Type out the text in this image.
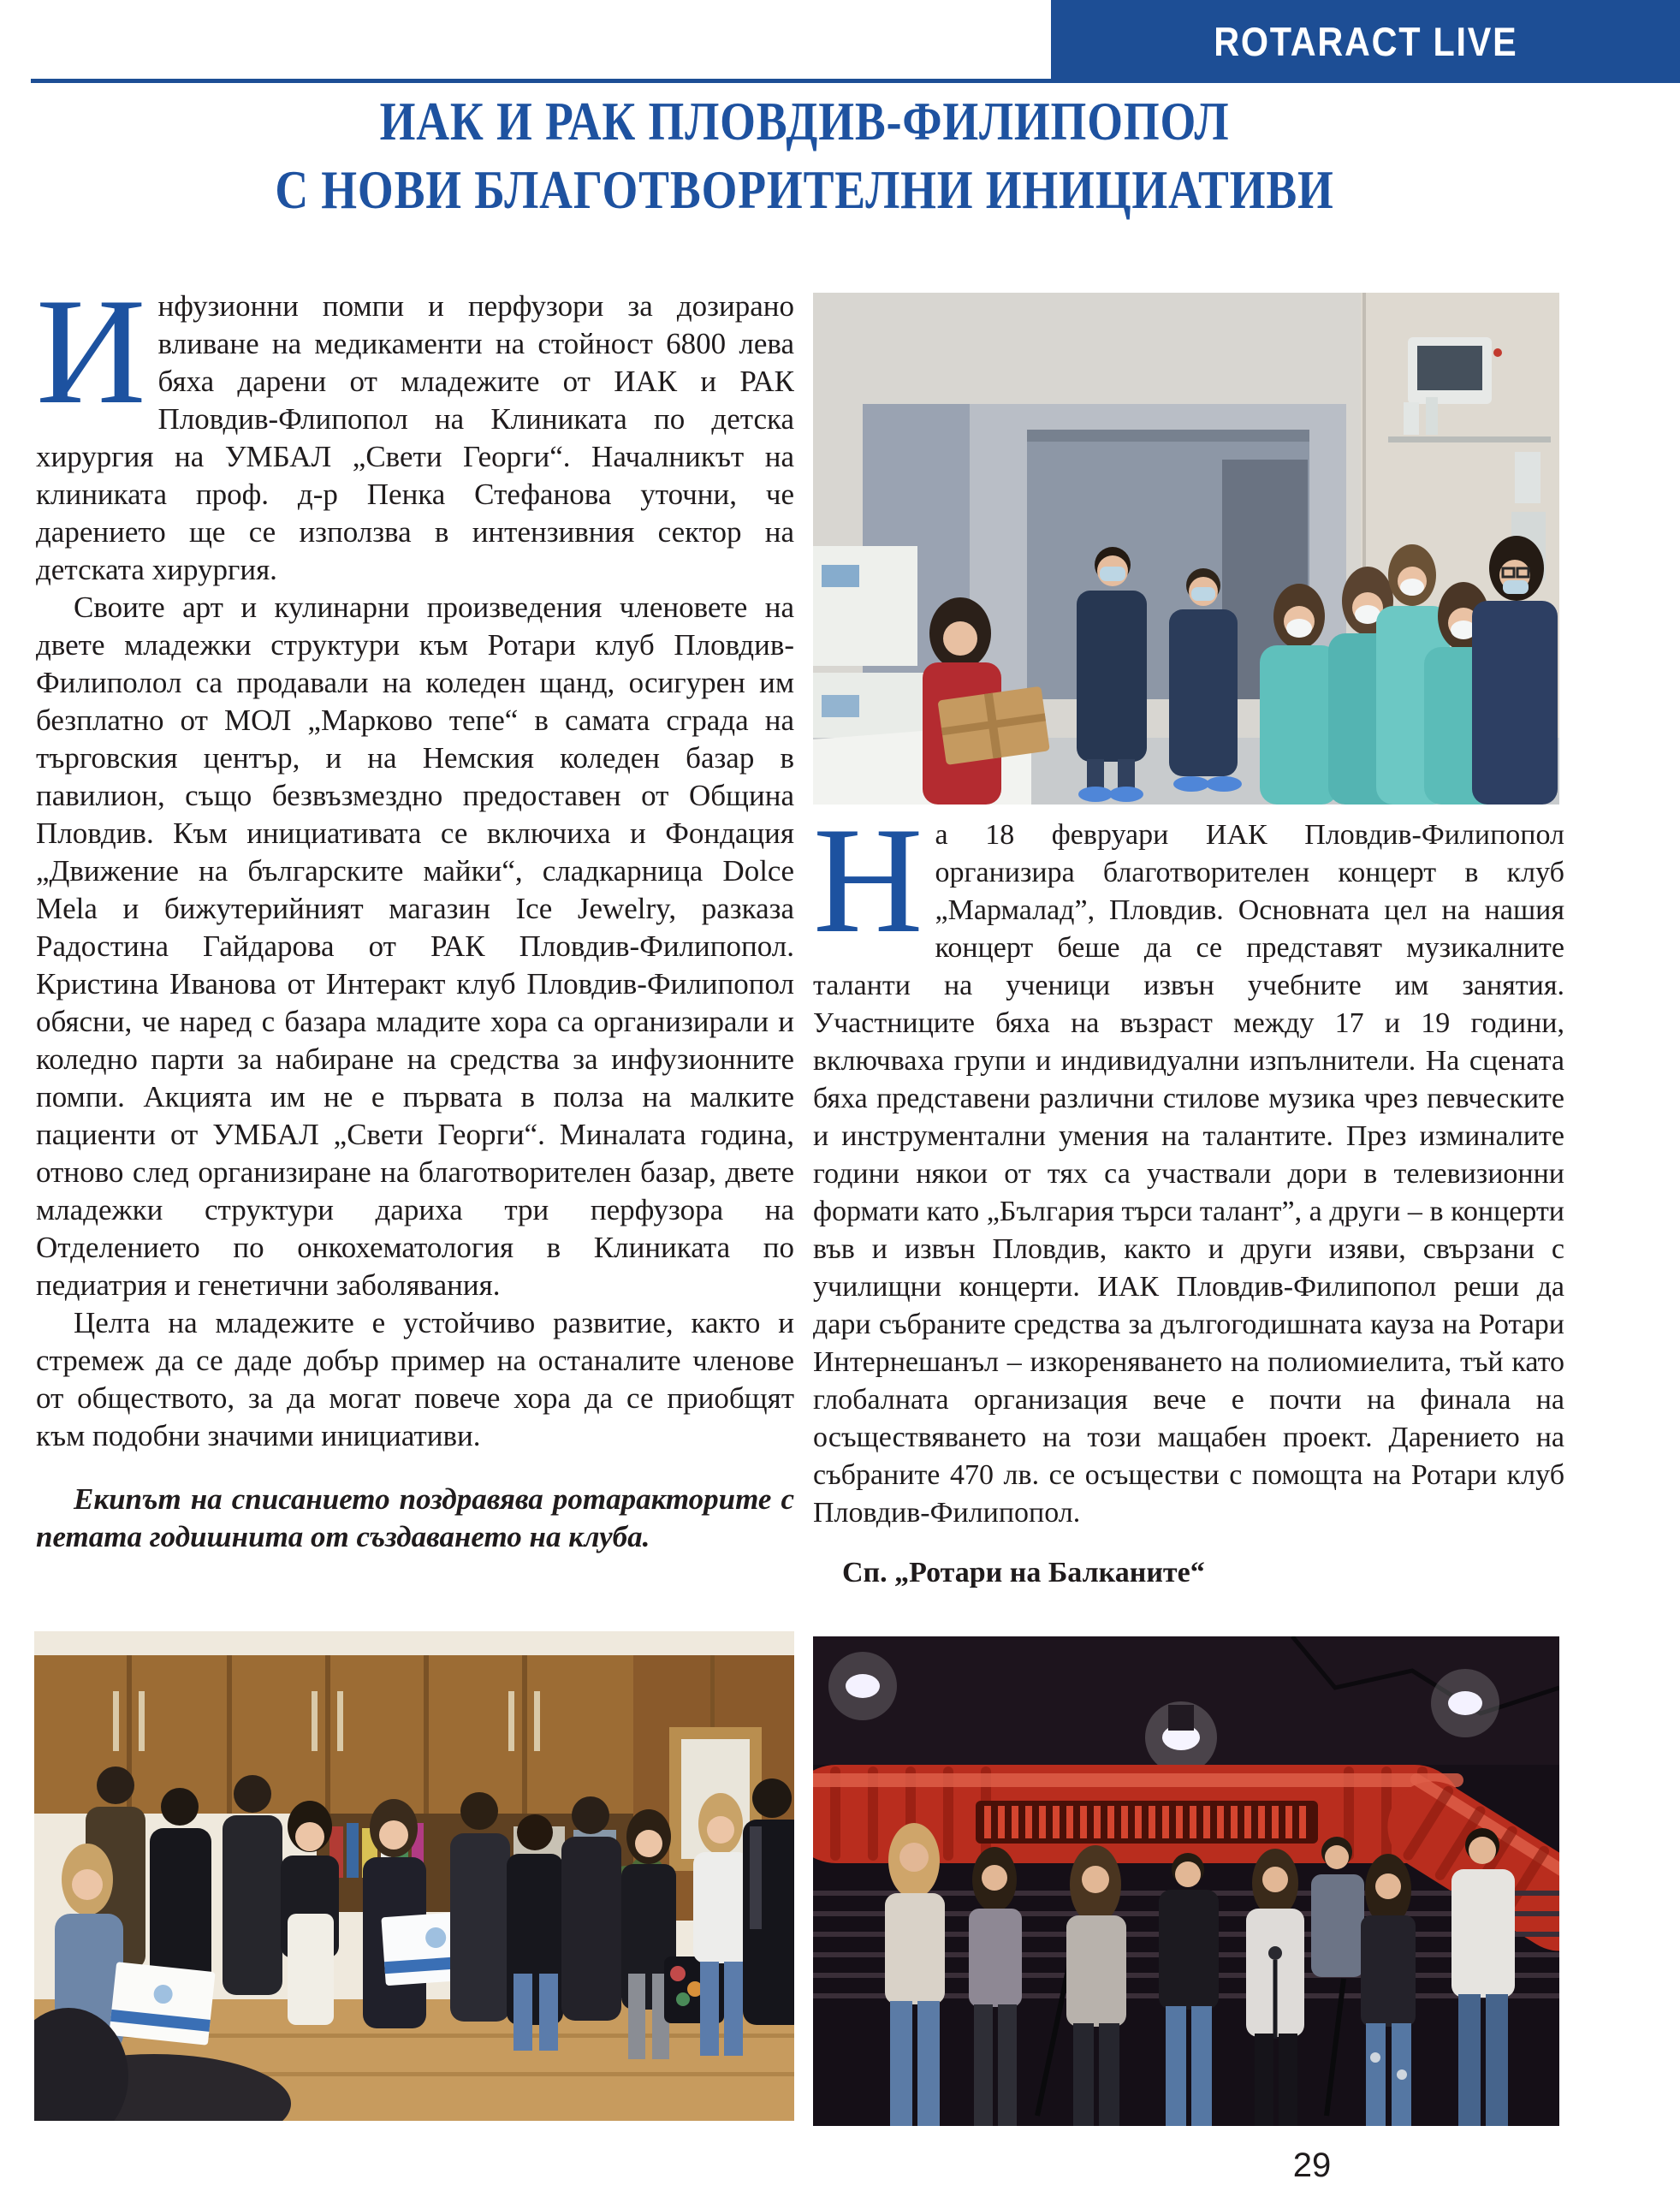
ROTARACT LIVE
ИАК И РАК ПЛОВДИВ-ФИЛИПОПОЛ
С НОВИ БЛАГОТВОРИТЕЛНИ ИНИЦИАТИВИ

Инфузионни помпи и перфузори за дозирано вливане на медикаменти на стойност 6800 лева бяха дарени от младежите от ИАК и РАК Пловдив-Флипопол на Клиниката по детска хирургия на УМБАЛ „Свети Георги“. Началникът на клиниката проф. д-р Пенка Стефанова уточни, че дарението ще се използва в интензивния сектор на детската хирургия.

Своите арт и кулинарни произведения членовете на двете младежки структури към Ротари клуб Пловдив-Филиполол са продавали на коледен щанд, осигурен им безплатно от МОЛ „Марково тепе“ в самата сграда на търговския център, и на Немския коледен базар в павилион, също безвъзмездно предоставен от Община Пловдив. Към инициативата се включиха и Фондация „Движение на българските майки“, сладкарница Dolce Mela и бижутерийният магазин Ice Jewelry, разказа Радостина Гайдарова от РАК Пловдив-Филипопол. Кристина Иванова от Интеракт клуб Пловдив-Филипопол обясни, че наред с базара младите хора са организирали и коледно парти за набиране на средства за инфузионните помпи. Акцията им не е първата в полза на малките пациенти от УМБАЛ „Свети Георги“. Миналата година, отново след организиране на благотворителен базар, двете младежки структури дариха три перфузора на Отделението по онкохематология в Клиниката по педиатрия и генетични заболявания.

Целта на младежите е устойчиво развитие, както и стремеж да се даде добър пример на останалите членове от обществото, за да могат повече хора да се приобщят към подобни значими инициативи.

Екипът на списанието поздравява ротаракторите с петата годишнита от създаването на клуба.

На 18 февруари ИАК Пловдив-Филипопол организира благотворителен концерт в клуб „Мармалад”, Пловдив. Основната цел на нашия концерт беше да се представят музикалните таланти на ученици извън учебните им занятия. Участниците бяха на възраст между 17 и 19 години, включваха групи и индивидуални изпълнители. На сцената бяха представени различни стилове музика чрез певческите и инструментални умения на талантите. През изминалите години някои от тях са участвали дори в телевизионни формати като „България търси талант”, а други – в концерти във и извън Пловдив, както и други изяви, свързани с училищни концерти. ИАК Пловдив-Филипопол реши да дари събраните средства за дългогодишната кауза на Ротари Интернешанъл – изкореняването на полиомиелита, тъй като глобалната организация вече е почти на финала на осъществяването на този мащабен проект. Дарението на събраните 470 лв. се осъществи с помощта на Ротари клуб Пловдив-Филипопол.

Сп. „Ротари на Балканите“

29
